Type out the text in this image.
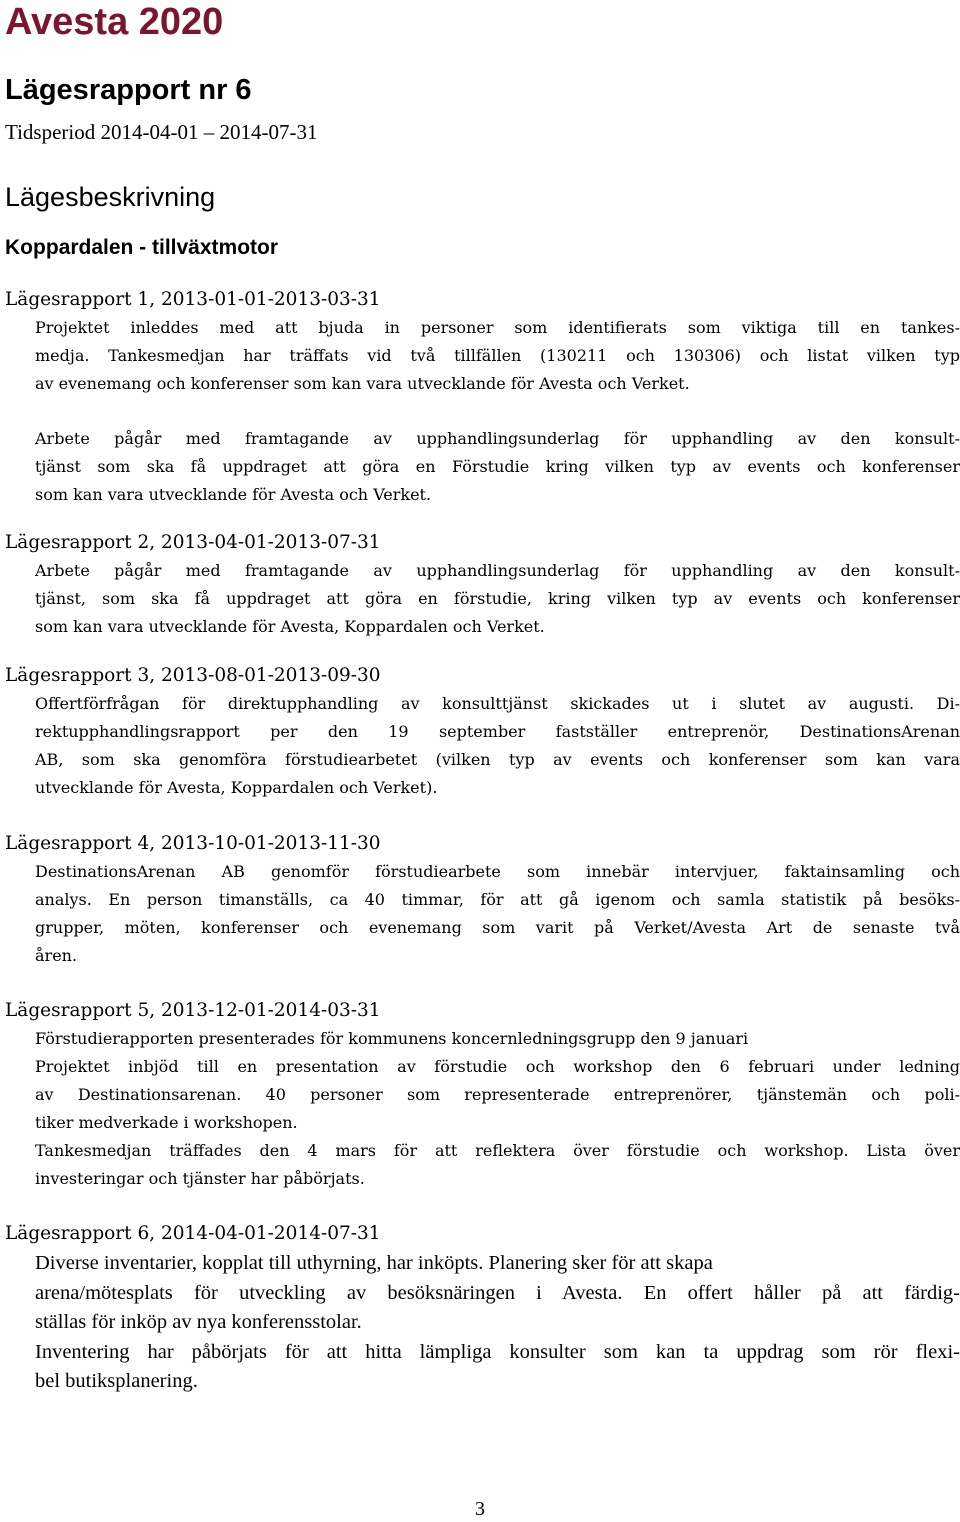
Avesta 2020
Lägesrapport nr 6
Tidsperiod 2014-04-01 – 2014-07-31
Lägesbeskrivning
Koppardalen - tillväxtmotor
Lägesrapport 1, 2013-01-01-2013-03-31
Projektet inleddes med att bjuda in personer som identifierats som viktiga till en tankes-
medja. Tankesmedjan har träffats vid två tillfällen (130211 och 130306) och listat vilken typ
av evenemang och konferenser som kan vara utvecklande för Avesta och Verket.
Arbete pågår med framtagande av upphandlingsunderlag för upphandling av den konsult-
tjänst som ska få uppdraget att göra en Förstudie kring vilken typ av events och konferenser
som kan vara utvecklande för Avesta och Verket.
Lägesrapport 2, 2013-04-01-2013-07-31
Arbete pågår med framtagande av upphandlingsunderlag för upphandling av den konsult-
tjänst, som ska få uppdraget att göra en förstudie, kring vilken typ av events och konferenser
som kan vara utvecklande för Avesta, Koppardalen och Verket.
Lägesrapport 3, 2013-08-01-2013-09-30
Offertförfrågan för direktupphandling av konsulttjänst skickades ut i slutet av augusti. Di-
rektupphandlingsrapport per den 19 september fastställer entreprenör, DestinationsArenan
AB, som ska genomföra förstudiearbetet (vilken typ av events och konferenser som kan vara
utvecklande för Avesta, Koppardalen och Verket).
Lägesrapport 4, 2013-10-01-2013-11-30
DestinationsArenan AB genomför förstudiearbete som innebär intervjuer, faktainsamling och
analys. En person timanställs, ca 40 timmar, för att gå igenom och samla statistik på besöks-
grupper, möten, konferenser och evenemang som varit på Verket/Avesta Art de senaste två
åren.
Lägesrapport 5, 2013-12-01-2014-03-31
Förstudierapporten presenterades för kommunens koncernledningsgrupp den 9 januari
Projektet inbjöd till en presentation av förstudie och workshop den 6 februari under ledning
av Destinationsarenan. 40 personer som representerade entreprenörer, tjänstemän och poli-
tiker medverkade i workshopen.
Tankesmedjan träffades den 4 mars för att reflektera över förstudie och workshop. Lista över
investeringar och tjänster har påbörjats.
Lägesrapport 6, 2014-04-01-2014-07-31
Diverse inventarier, kopplat till uthyrning, har inköpts. Planering sker för att skapa
arena/mötesplats för utveckling av besöksnäringen i Avesta. En offert håller på att färdig-
ställas för inköp av nya konferensstolar.
Inventering har påbörjats för att hitta lämpliga konsulter som kan ta uppdrag som rör flexi-
bel butiksplanering.
3
